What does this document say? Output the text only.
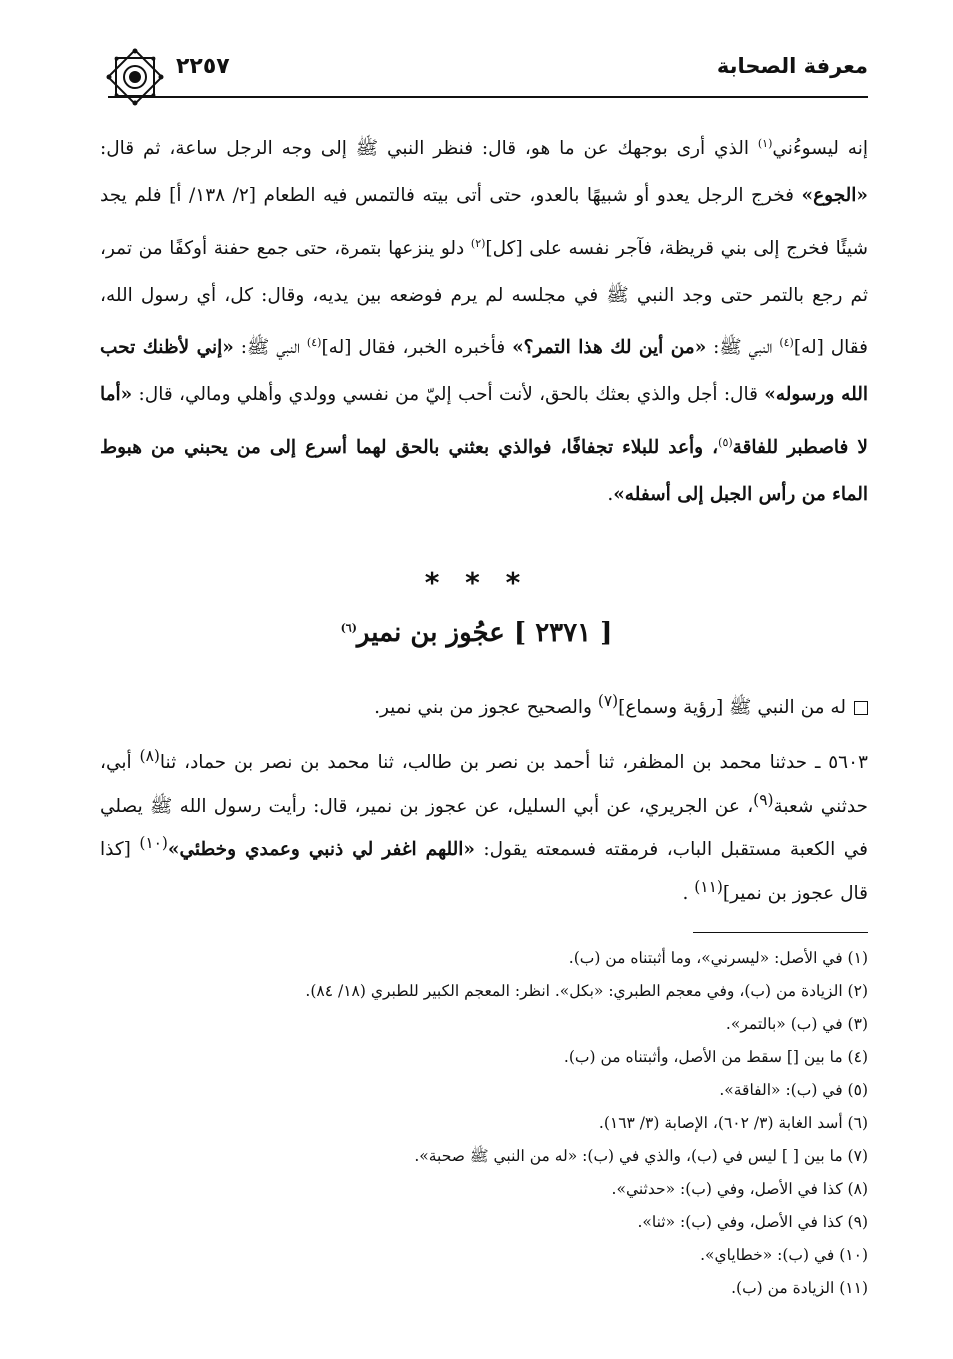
معرفة الصحابة
٢٢٥٧

إنه ليسوءُني$^{(١)}$ الذي أرى بوجهك عن ما هو، قال: فنظر النبي ﷺ إلى وجه الرجل ساعة، ثم قال: «الجوع» فخرج الرجل يعدو أو شبيهًا بالعدو، حتى أتى بيته فالتمس فيه الطعام [٢/ ١٣٨/ أ] فلم يجد شيئًا فخرج إلى بني قريظة، فآجر نفسه على [كل]$^{(٢)}$ دلو ينزعها بتمرة، حتى جمع حفنة أوكفًا من تمر، ثم رجع بالتمر حتى وجد النبي ﷺ في مجلسه لم يرم فوضعه بين يديه، وقال: كل، أي رسول الله، فقال [له]$^{(٤)}$ النبي ﷺ: «من أين لك هذا التمر؟» فأخبره الخبر، فقال [له]$^{(٤)}$ النبي ﷺ: «إني لأظنك تحب الله ورسوله» قال: أجل والذي بعثك بالحق، لأنت أحب إليّ من نفسي وولدي وأهلي ومالي، قال: «أما لا فاصطبر للفاقة$^{(٥)}$، وأعد للبلاء تجفافًا، فوالذي بعثني بالحق لهما أسرع إلى من يحبني من هبوط الماء من رأس الجبل إلى أسفله».

* * *
[ ٢٣٧١ ] عجُوز بن نمير$^{(٦)}$
له من النبي ﷺ [رؤية وسماع]$^{(٧)}$ والصحيح عجوز من بني نمير.

٥٦٠٣ ـ حدثنا محمد بن المظفر، ثنا أحمد بن نصر بن طالب، ثنا محمد بن نصر بن حماد، ثنا$^{(٨)}$ أبي، حدثني شعبة$^{(٩)}$، عن الجريري، عن أبي السليل، عن عجوز بن نمير، قال: رأيت رسول الله ﷺ يصلي في الكعبة مستقبل الباب، فرمقته فسمعته يقول: «اللهم اغفر لي ذنبي وعمدي وخطئي»$^{(١٠)}$ [كذا قال عجوز بن نمير]$^{(١١)}$ .

(١) في الأصل: «ليسرني»، وما أثبتناه من (ب).

(٢) الزيادة من (ب)، وفي معجم الطبري: «بكل». انظر: المعجم الكبير للطبري (١٨/ ٨٤).

(٣) في (ب) «بالتمر».

(٤) ما بين [] سقط من الأصل، وأثبتناه من (ب).

(٥) في (ب): «الفاقة».

(٦) أسد الغابة (٣/ ٦٠٢)، الإصابة (٣/ ١٦٣).

(٧) ما بين [ ] ليس في (ب)، والذي في (ب): «له من النبي ﷺ صحبة».

(٨) كذا في الأصل، وفي (ب): «حدثني».

(٩) كذا في الأصل، وفي (ب): «ثنا».

(١٠) في (ب): «خطاياي».

(١١) الزيادة من (ب).
